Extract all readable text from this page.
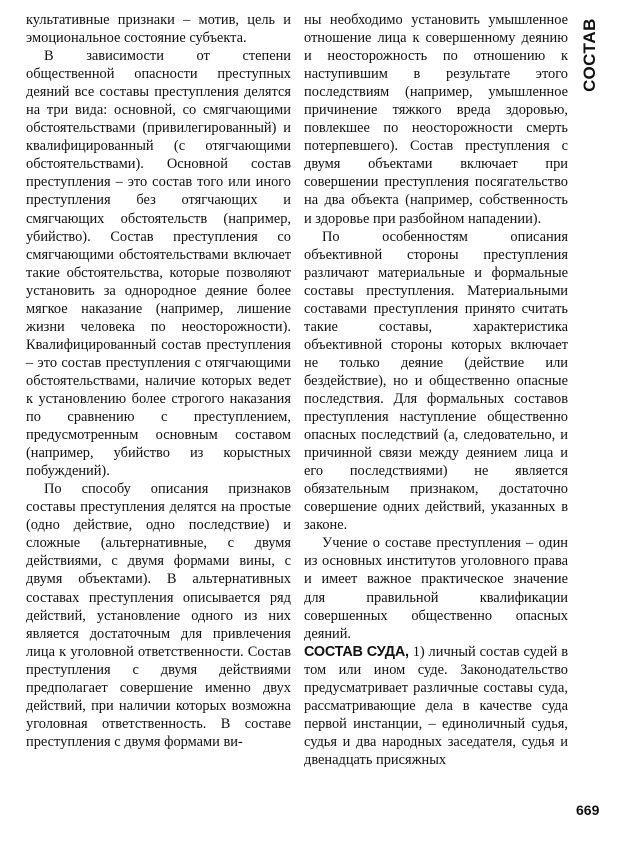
СОСТАВ

культативные признаки – мотив, цель и эмоциональное состояние субъекта.

В зависимости от степени общественной опасности преступных деяний все составы преступления делятся на три вида: основной, со смягчающими обстоятельствами (привилегированный) и квалифицированный (с отягчающими обстоятельствами). Основной состав преступления – это состав того или иного преступления без отягчающих и смягчающих обстоятельств (например, убийство). Состав преступления со смягчающими обстоятельствами включает такие обстоятельства, которые позволяют установить за однородное деяние более мягкое наказание (например, лишение жизни человека по неосторожности). Квалифицированный состав преступления – это состав преступления с отягчающими обстоятельствами, наличие которых ведет к установлению более строгого наказания по сравнению с преступлением, предусмотренным основным составом (например, убийство из корыстных побуждений).

По способу описания признаков составы преступления делятся на простые (одно действие, одно последствие) и сложные (альтернативные, с двумя действиями, с двумя формами вины, с двумя объектами). В альтернативных составах преступления описывается ряд действий, установление одного из них является достаточным для привлечения лица к уголовной ответственности. Состав преступления с двумя действиями предполагает совершение именно двух действий, при наличии которых возможна уголовная ответственность. В составе преступления с двумя формами ви-

ны необходимо установить умышленное отношение лица к совершенному деянию и неосторожность по отношению к наступившим в результате этого последствиям (например, умышленное причинение тяжкого вреда здоровью, повлекшее по неосторожности смерть потерпевшего). Состав преступления с двумя объектами включает при совершении преступления посягательство на два объекта (например, собственность и здоровье при разбойном нападении).

По особенностям описания объективной стороны преступления различают материальные и формальные составы преступления. Материальными составами преступления принято считать такие составы, характеристика объективной стороны которых включает не только деяние (действие или бездействие), но и общественно опасные последствия. Для формальных составов преступления наступление общественно опасных последствий (а, следовательно, и причинной связи между деянием лица и его последствиями) не является обязательным признаком, достаточно совершение одних действий, указанных в законе.

Учение о составе преступления – один из основных институтов уголовного права и имеет важное практическое значение для правильной квалификации совершенных общественно опасных деяний.

СОСТАВ СУДА, 1) личный состав судей в том или ином суде. Законодательство предусматривает различные составы суда, рассматривающие дела в качестве суда первой инстанции, – единоличный судья, судья и два народных заседателя, судья и двенадцать присяжных

669
